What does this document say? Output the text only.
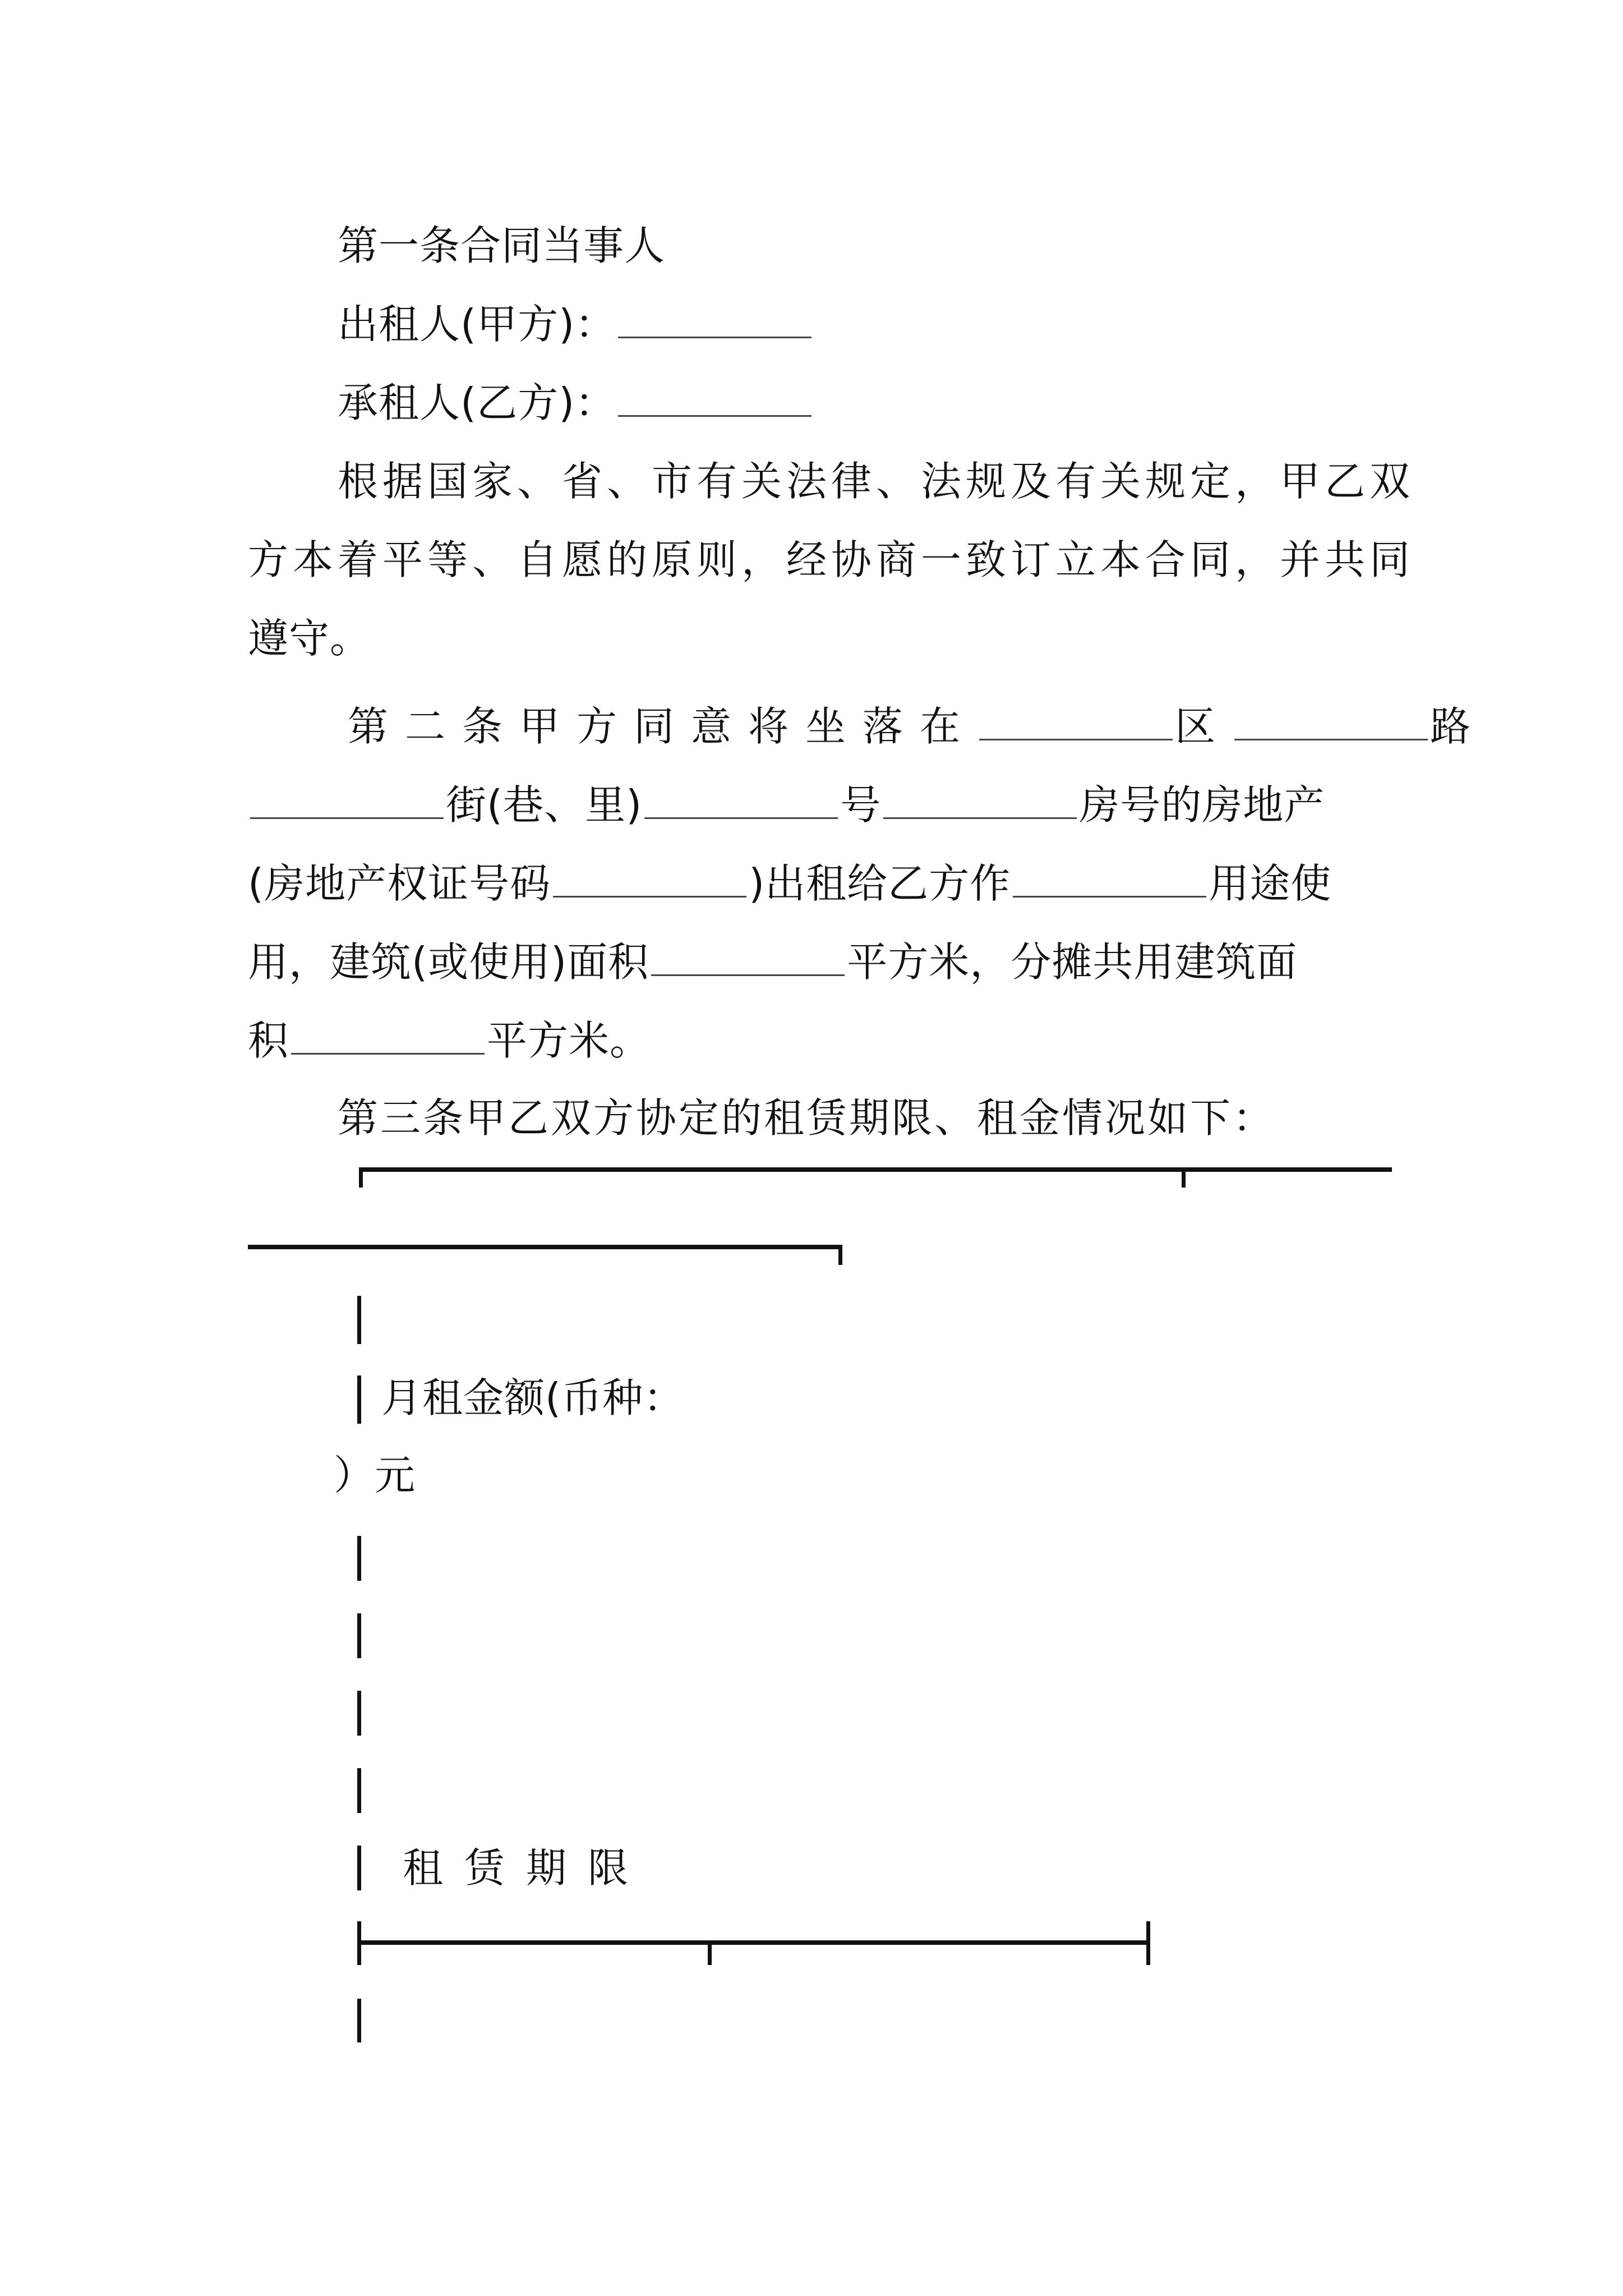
第一条合同当事人
出租人(甲方)：
承租人(乙方)：
根据国家、省、市有关法律、法规及有关规定，甲乙双
方本着平等、自愿的原则，经协商一致订立本合同，并共同
遵守。
第二条甲方同意将坐落在	区	路
街(巷、里)	号	房号的房地产
(房地产权证号码	)出租给乙方作	用途使
用，建筑(或使用)面积	平方米，分摊共用建筑面
积	平方米。
第三条甲乙双方协定的租赁期限、租金情况如下：
月租金额(币种：
）元
租赁期限
